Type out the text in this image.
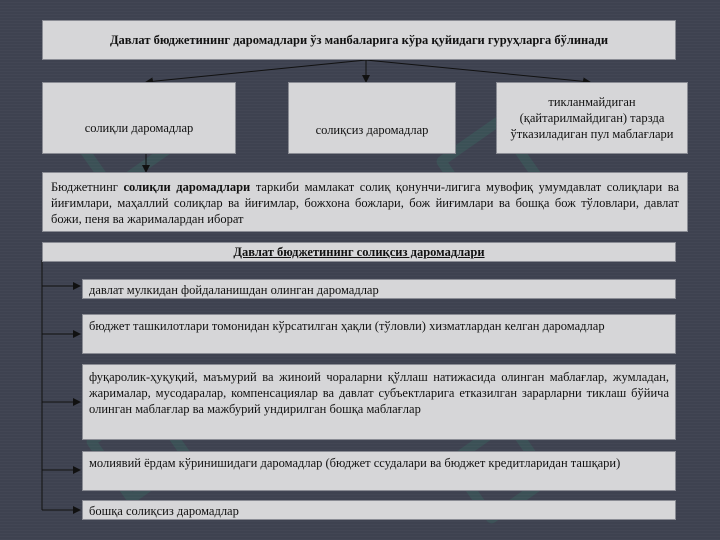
Давлат бюджетининг даромадлари ўз манбаларига кўра қуйидаги гуруҳларга бўлинади
солиқли даромадлар	солиқсиз даромадлар
тикланмайдиган (қайтарилмайдиган) тарзда ўтказиладиган пул маблағлари
Бюджетнинг солиқли даромадлари таркиби мамлакат солиқ қонунчи-лигига мувофиқ умумдавлат солиқлари ва йиғимлари, маҳаллий солиқлар ва йиғимлар, божхона божлари, бож йиғимлари ва бошқа бож тўловлари, давлат божи, пеня ва жарималардан иборат
Давлат бюджетининг солиқсиз даромадлари
давлат мулкидан фойдаланишдан олинган даромадлар
бюджет ташкилотлари томонидан кўрсатилган ҳақли (тўловли) хизматлардан келган даромадлар
фуқаролик-ҳуқуқий, маъмурий ва жиноий чораларни қўллаш натижасида олинган маблағлар, жумладан, жарималар, мусодаралар, компенсациялар ва давлат субъектларига етказилган зарарларни тиклаш бўйича олинган маблағлар ва мажбурий ундирилган бошқа маблағлар
молиявий ёрдам кўринишидаги даромадлар (бюджет ссудалари ва бюджет кредитларидан ташқари)
бошқа солиқсиз даромадлар
